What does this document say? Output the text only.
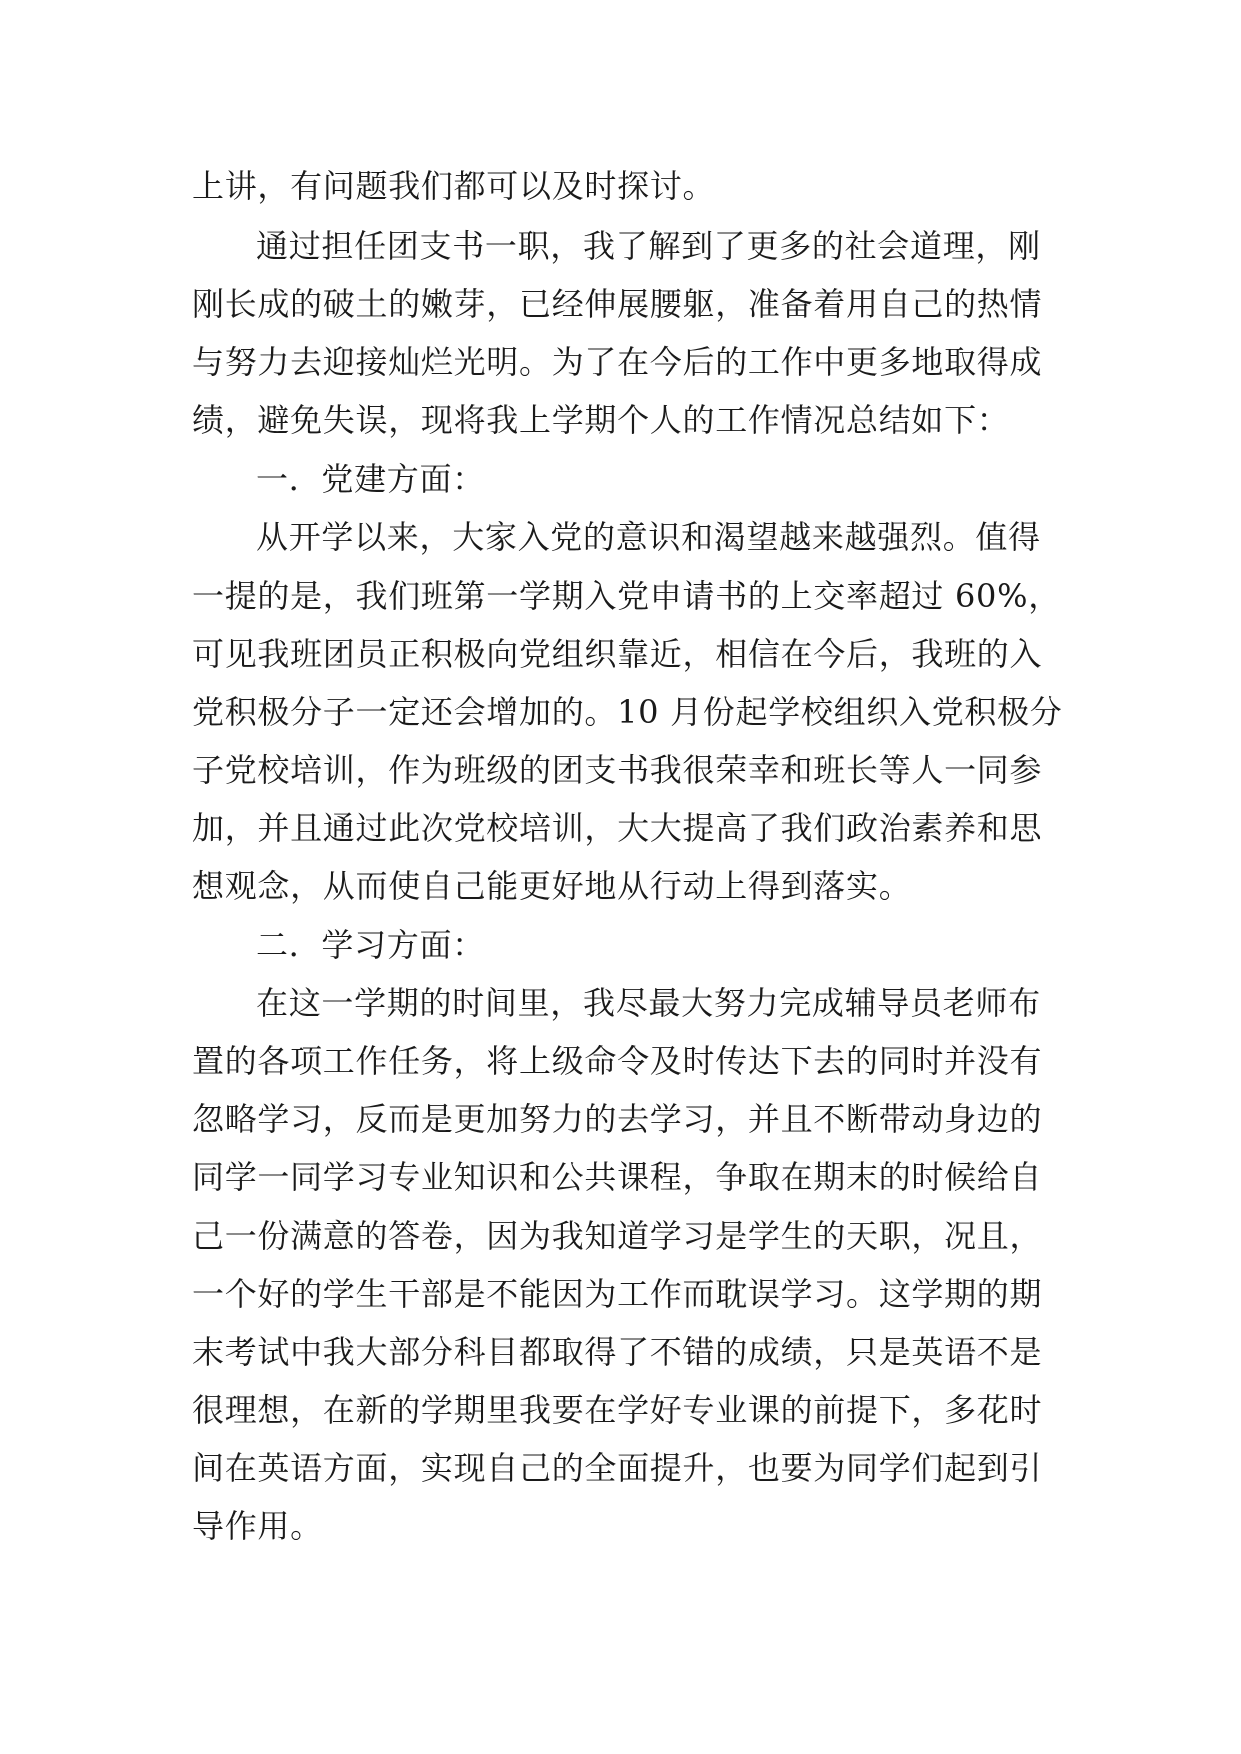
上讲，有问题我们都可以及时探讨。
通过担任团支书一职，我了解到了更多的社会道理，刚
刚长成的破土的嫩芽，已经伸展腰躯，准备着用自己的热情
与努力去迎接灿烂光明。为了在今后的工作中更多地取得成
绩，避免失误，现将我上学期个人的工作情况总结如下：
一．党建方面：
从开学以来，大家入党的意识和渴望越来越强烈。值得
一提的是，我们班第一学期入党申请书的上交率超过 60%，
可见我班团员正积极向党组织靠近，相信在今后，我班的入
党积极分子一定还会增加的。10 月份起学校组织入党积极分
子党校培训，作为班级的团支书我很荣幸和班长等人一同参
加，并且通过此次党校培训，大大提高了我们政治素养和思
想观念，从而使自己能更好地从行动上得到落实。
二．学习方面：
在这一学期的时间里，我尽最大努力完成辅导员老师布
置的各项工作任务，将上级命令及时传达下去的同时并没有
忽略学习，反而是更加努力的去学习，并且不断带动身边的
同学一同学习专业知识和公共课程，争取在期末的时候给自
己一份满意的答卷，因为我知道学习是学生的天职，况且，
一个好的学生干部是不能因为工作而耽误学习。这学期的期
末考试中我大部分科目都取得了不错的成绩，只是英语不是
很理想，在新的学期里我要在学好专业课的前提下，多花时
间在英语方面，实现自己的全面提升，也要为同学们起到引
导作用。
